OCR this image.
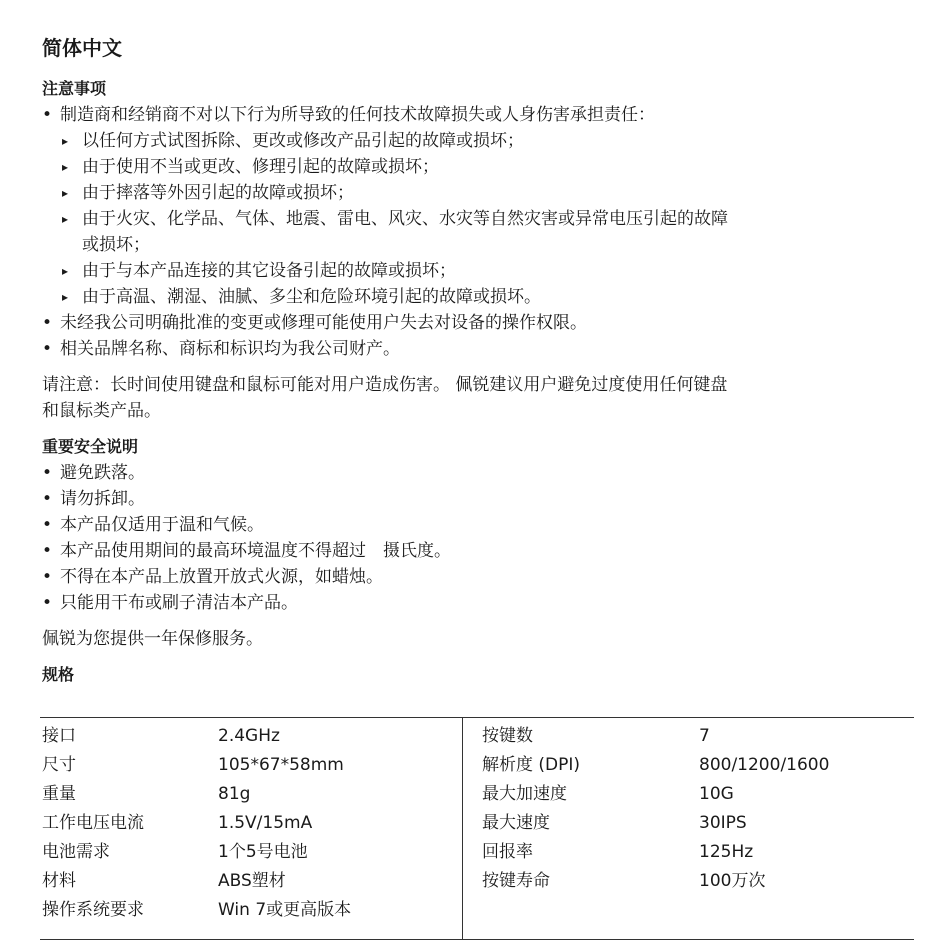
简体中文
注意事项

• 制造商和经销商不对以下行为所导致的任何技术故障损失或人身伤害承担责任：

▸ 以任何方式试图拆除、更改或修改产品引起的故障或损坏；

▸ 由于使用不当或更改、修理引起的故障或损坏；

▸ 由于摔落等外因引起的故障或损坏；

▸ 由于火灾、化学品、气体、地震、雷电、风灾、水灾等自然灾害或异常电压引起的故障

或损坏；

▸ 由于与本产品连接的其它设备引起的故障或损坏；

▸ 由于高温、潮湿、油腻、多尘和危险环境引起的故障或损坏。

• 未经我公司明确批准的变更或修理可能使用户失去对设备的操作权限。

• 相关品牌名称、商标和标识均为我公司财产。

请注意：长时间使用键盘和鼠标可能对用户造成伤害。 佩锐建议用户避免过度使用任何键盘

和鼠标类产品。

重要安全说明

• 避免跌落。

• 请勿拆卸。

• 本产品仅适用于温和气候。

• 本产品使用期间的最高环境温度不得超过　摄氏度。

• 不得在本产品上放置开放式火源，如蜡烛。

• 只能用干布或刷子清洁本产品。

佩锐为您提供一年保修服务。

规格
接口	2.4GHz
尺寸	105*67*58mm
重量	81g
工作电压电流	1.5V/15mA
电池需求	1个5号电池
材料	ABS塑材
操作系统要求	Win 7或更高版本
按键数	7
解析度 (DPI)	800/1200/1600
最大加速度	10G
最大速度	30IPS
回报率	125Hz
按键寿命	100万次
